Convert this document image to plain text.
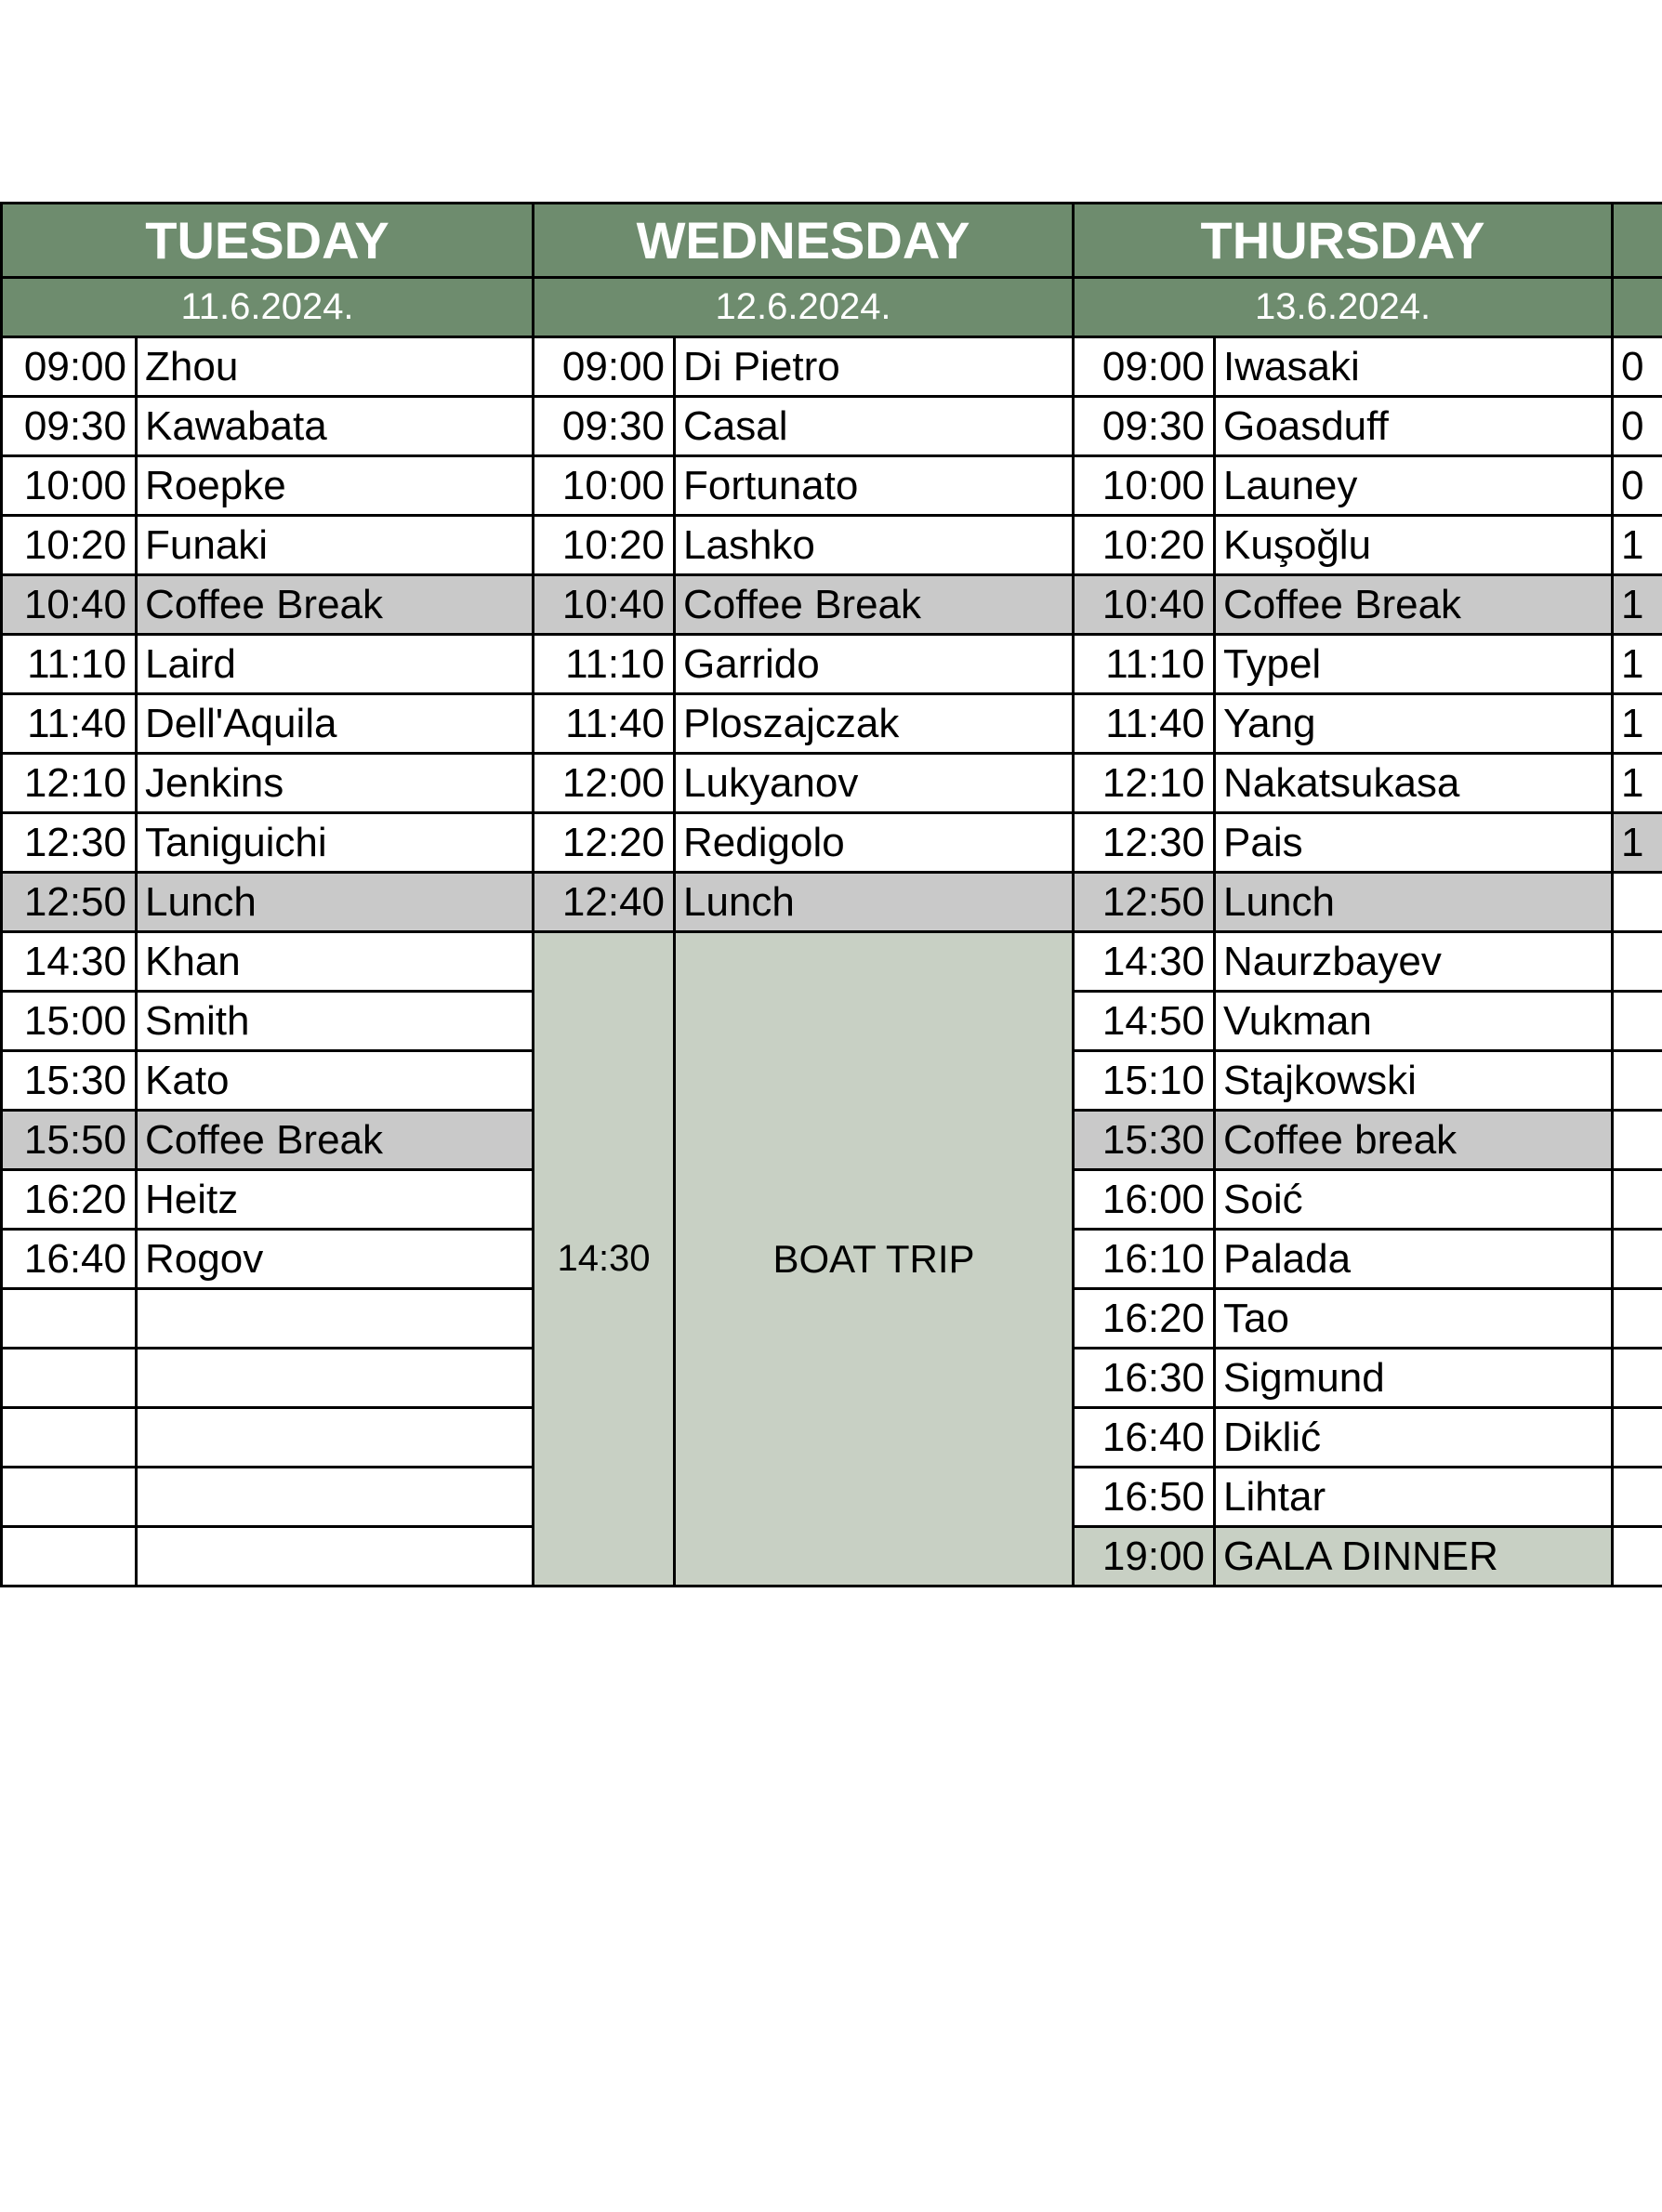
TUESDAY		WEDNESDAY		THURSDAY		
11.6.2024.		12.6.2024.		13.6.2024.		
09:00	Zhou	09:00	Di Pietro	09:00	Iwasaki	0
09:30	Kawabata	09:30	Casal	09:30	Goasduff	0
10:00	Roepke	10:00	Fortunato	10:00	Launey	0
10:20	Funaki	10:20	Lashko	10:20	Kuşoğlu	1
10:40	Coffee Break	10:40	Coffee Break	10:40	Coffee Break	1
11:10	Laird	11:10	Garrido	11:10	Typel	1
11:40	Dell'Aquila	11:40	Ploszajczak	11:40	Yang	1
12:10	Jenkins	12:00	Lukyanov	12:10	Nakatsukasa	1
12:30	Taniguichi	12:20	Redigolo	12:30	Pais	1
12:50	Lunch	12:40	Lunch	12:50	Lunch	
14:30	Khan	14:30	BOAT TRIP	14:30	Naurzbayev	
15:00	Smith			14:50	Vukman	
15:30	Kato			15:10	Stajkowski	
15:50	Coffee Break			15:30	Coffee break	
16:20	Heitz			16:00	Soić	
16:40	Rogov			16:10	Palada	
				16:20	Tao	
				16:30	Sigmund	
				16:40	Diklić	
				16:50	Lihtar	
				19:00	GALA DINNER	
